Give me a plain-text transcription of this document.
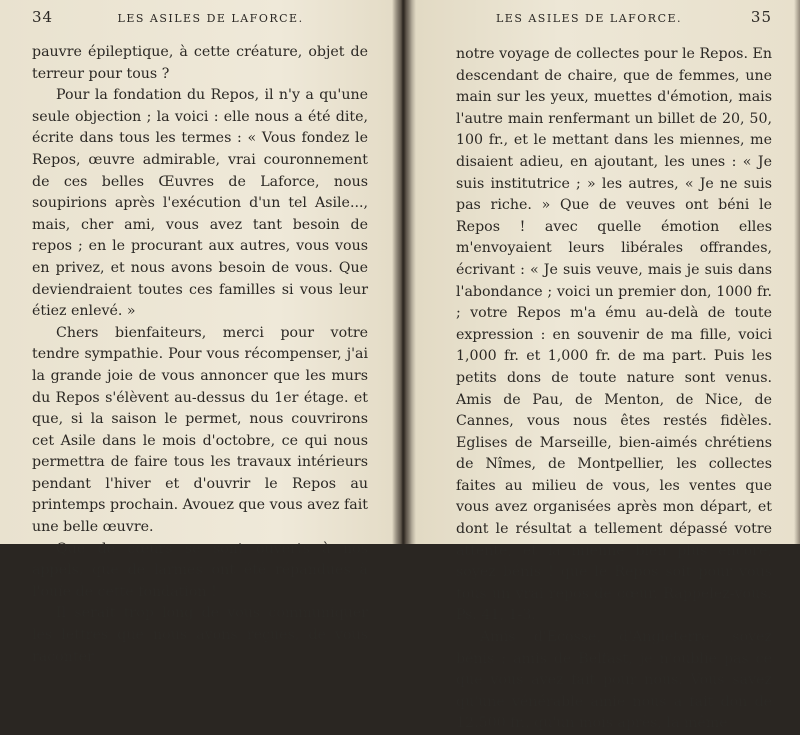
34	LES ASILES DE LAFORCE.

pauvre épileptique, à cette créature, objet de terreur pour tous ?

Pour la fondation du Repos, il n'y a qu'une seule objection ; la voici : elle nous a été dite, écrite dans tous les termes : « Vous fondez le Repos, œuvre admirable, vrai couronnement de ces belles Œuvres de Laforce, nous soupirions après l'exécution d'un tel Asile..., mais, cher ami, vous avez tant besoin de repos ; en le procurant aux autres, vous vous en privez, et nous avons besoin de vous. Que deviendraient toutes ces familles si vous leur étiez enlevé. »

Chers bienfaiteurs, merci pour votre tendre sympathie. Pour vous récompenser, j'ai la grande joie de vous annoncer que les murs du Repos s'élèvent au-dessus du 1er étage. et que, si la saison le permet, nous couvrirons cet Asile dans le mois d'octobre, ce qui nous permettra de faire tous les travaux intérieurs pendant l'hiver et d'ouvrir le Repos au printemps prochain. Avouez que vous avez fait une belle œuvre.

Que de cœurs se sont ouverts à nos appels, que de larmes ont été répandues à l'ouïe de cette fondation !

Il serait trop long de vous communiquer les lettres que nous avons reçues, de vous raconter

LES ASILES DE LAFORCE.	35

notre voyage de collectes pour le Repos. En descendant de chaire, que de femmes, une main sur les yeux, muettes d'émotion, mais l'autre main renfermant un billet de 20, 50, 100 fr., et le mettant dans les miennes, me disaient adieu, en ajoutant, les unes : « Je suis institutrice ; » les autres, « Je ne suis pas riche. » Que de veuves ont béni le Repos ! avec quelle émotion elles m'envoyaient leurs libérales offrandes, écrivant : « Je suis veuve, mais je suis dans l'abondance ; voici un premier don, 1000 fr. ; votre Repos m'a ému au-delà de toute expression : en souvenir de ma fille, voici 1,000 fr. et 1,000 fr. de ma part. Puis les petits dons de toute nature sont venus. Amis de Pau, de Menton, de Nice, de Cannes, vous nous êtes restés fidèles. Eglises de Marseille, bien-aimés chrétiens de Nîmes, de Montpellier, les collectes faites au milieu de vous, les ventes que vous avez organisées après mon départ, et dont le résultat a tellement dépassé votre attente, et la mienne bien plus encore, soyez bénis ! que le Repos soit pour vous tous un vrai repos de cœur. Rappelez-vous. Ps. 41, 1-3.

Amis d'Ecosse, d'Angleterre, soyez bénis ; amis de Belfast, je n'oublie pas ce que vous avez fait pour nous. Vous savez qu'une vénérable amie nous a fait don de 12,500 fr., qu'un mois après, la même
